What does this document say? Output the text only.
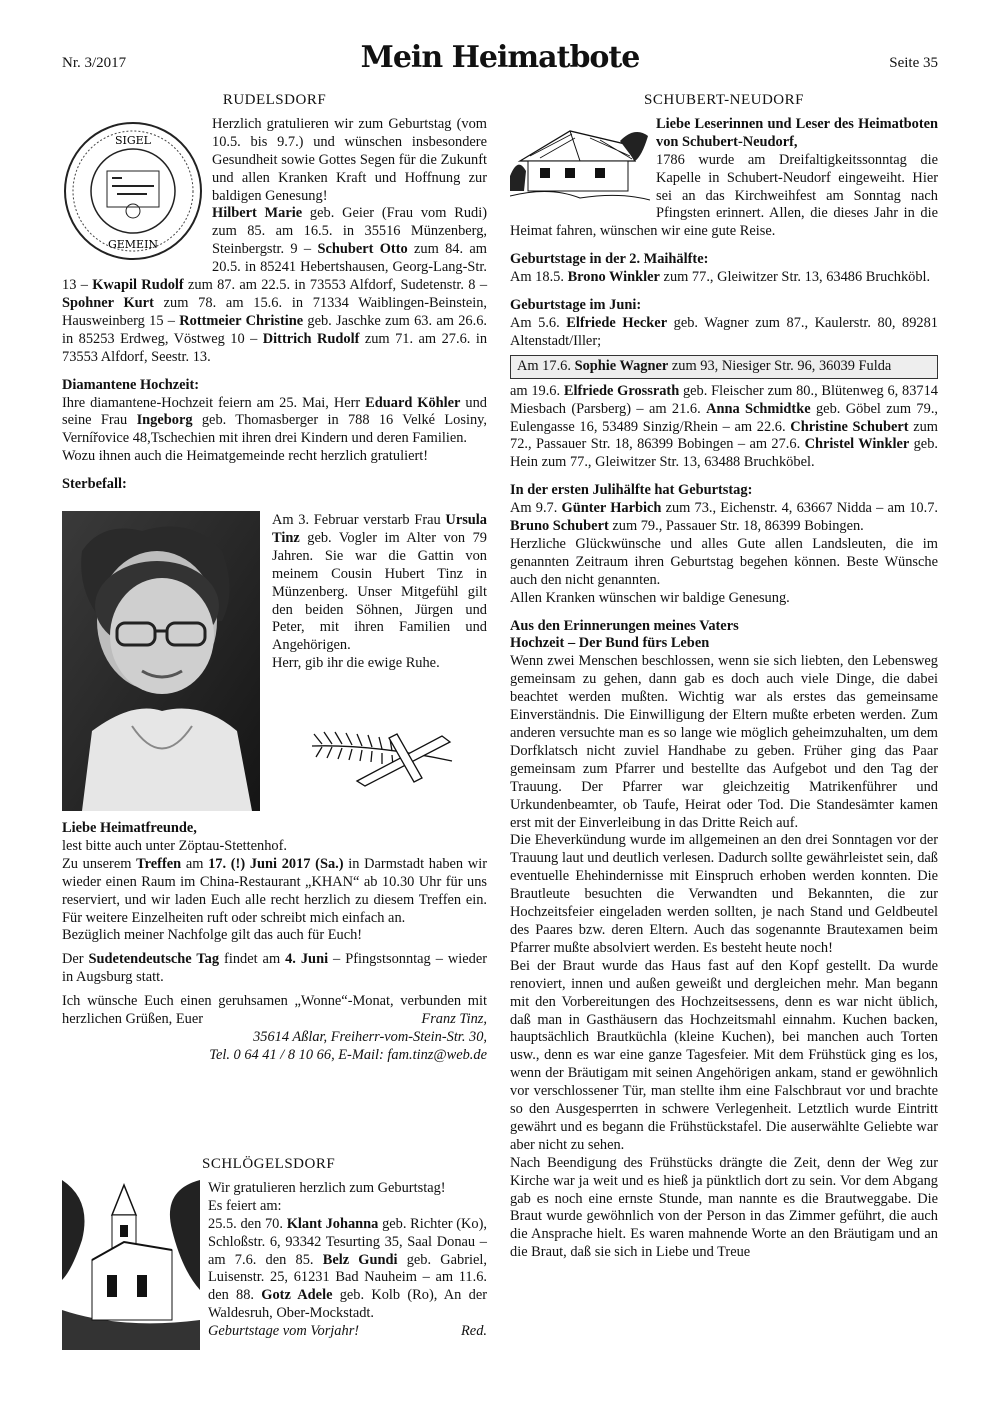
Nr. 3/2017	Mein Heimatbote	Seite 35
RUDELSDORF
SIGEL
GEMEIN

Herzlich gratulieren wir zum Geburtstag (vom 10.5. bis 9.7.) und wünschen insbesondere Gesundheit sowie Gottes Segen für die Zukunft und allen Kranken Kraft und Hoffnung zur baldigen Genesung!

Hilbert Marie geb. Geier (Frau vom Rudi) zum 85. am 16.5. in 35516 Münzenberg, Steinbergstr. 9 – Schubert Otto zum 84. am 20.5. in 85241 Hebertshausen, Georg-Lang-Str. 13 – Kwapil Rudolf zum 87. am 22.5. in 73553 Alfdorf, Sudetenstr. 8 – Spohner Kurt zum 78. am 15.6. in 71334 Waiblingen-Beinstein, Hausweinberg 15 – Rottmeier Christine geb. Jaschke zum 63. am 26.6. in 85253 Erdweg, Vöstweg 10 – Dittrich Rudolf zum 71. am 27.6. in 73553 Alfdorf, Seestr. 13.

Diamantene Hochzeit:

Ihre diamantene-Hochzeit feiern am 25. Mai, Herr Eduard Köhler und seine Frau Ingeborg geb. Thomasberger in 788 16 Velké Losiny, Vernířovice 48,Tschechien mit ihren drei Kindern und deren Familien.

Wozu ihnen auch die Heimatgemeinde recht herzlich gratuliert!

Sterbefall:

Am 3. Februar verstarb Frau Ursula Tinz geb. Vogler im Alter von 79 Jahren. Sie war die Gattin von meinem Cousin Hubert Tinz in Münzenberg. Unser Mitgefühl gilt den beiden Söhnen, Jürgen und Peter, mit ihren Familien und Angehörigen.

Herr, gib ihr die ewige Ruhe.

Liebe Heimatfreunde,

lest bitte auch unter Zöptau-Stettenhof.

Zu unserem Treffen am 17. (!) Juni 2017 (Sa.) in Darmstadt haben wir wieder einen Raum im China-Restaurant „KHAN“ ab 10.30 Uhr für uns reserviert, und wir laden Euch alle recht herzlich zu diesem Treffen ein. Für weitere Einzelheiten ruft oder schreibt mich einfach an.

Bezüglich meiner Nachfolge gilt das auch für Euch!

Der Sudetendeutsche Tag findet am 4. Juni – Pfingstsonntag – wieder in Augsburg statt.

Ich wünsche Euch einen geruhsamen „Wonne“-Monat, verbunden mit herzlichen Grüßen, Euer	Franz Tinz,

35614 Aßlar, Freiherr-vom-Stein-Str. 30,

Tel. 0 64 41 / 8 10 66, E-Mail: fam.tinz@web.de

SCHLÖGELSDORF

Wir gratulieren herzlich zum Geburtstag!

Es feiert am:

25.5. den 70. Klant Johanna geb. Richter (Ko), Schloßstr. 6, 93342 Tesurting 35, Saal Donau – am 7.6. den 85. Belz Gundi geb. Gabriel, Luisenstr. 25, 61231 Bad Nauheim – am 11.6. den 88. Gotz Adele geb. Kolb (Ro), An der Waldesruh, Ober-Mockstadt.

Geburtstage vom Vorjahr!	Red.
SCHUBERT-NEUDORF

Liebe Leserinnen und Leser des Heimatboten von Schubert-Neudorf,

1786 wurde am Dreifaltigkeitssonntag die Kapelle in Schubert-Neudorf eingeweiht. Hier sei an das Kirchweihfest am Sonntag nach Pfingsten erinnert. Allen, die dieses Jahr in die Heimat fahren, wünschen wir eine gute Reise.

Geburtstage in der 2. Maihälfte:

Am 18.5. Brono Winkler zum 77., Gleiwitzer Str. 13, 63486 Bruchköbl.

Geburtstage im Juni:

Am 5.6. Elfriede Hecker geb. Wagner zum 87., Kaulerstr. 80, 89281 Altenstadt/Iller;

Am 17.6. Sophie Wagner zum 93, Niesiger Str. 96, 36039 Fulda

am 19.6. Elfriede Grossrath geb. Fleischer zum 80., Blütenweg 6, 83714 Miesbach (Parsberg) – am 21.6. Anna Schmidtke geb. Göbel zum 79., Eulengasse 16, 53489 Sinzig/Rhein – am 22.6. Christine Schubert zum 72., Passauer Str. 18, 86399 Bobingen – am 27.6. Christel Winkler geb. Hein zum 77., Gleiwitzer Str. 13, 63488 Bruchköbel.

In der ersten Julihälfte hat Geburtstag:

Am 9.7. Günter Harbich zum 73., Eichenstr. 4, 63667 Nidda – am 10.7. Bruno Schubert zum 79., Passauer Str. 18, 86399 Bobingen.

Herzliche Glückwünsche und alles Gute allen Landsleuten, die im genannten Zeitraum ihren Geburtstag begehen können. Beste Wünsche auch den nicht genannten.

Allen Kranken wünschen wir baldige Genesung.

Aus den Erinnerungen meines Vaters

Hochzeit – Der Bund fürs Leben

Wenn zwei Menschen beschlossen, wenn sie sich liebten, den Lebensweg gemeinsam zu gehen, dann gab es doch auch viele Dinge, die dabei beachtet werden mußten. Wichtig war als erstes das gemeinsame Einverständnis. Die Einwilligung der Eltern mußte erbeten werden. Zum anderen versuchte man es so lange wie möglich geheimzuhalten, um dem Dorfklatsch nicht zuviel Handhabe zu geben. Früher ging das Paar gemeinsam zum Pfarrer und bestellte das Aufgebot und den Tag der Trauung. Der Pfarrer war gleichzeitig Matrikenführer und Urkundenbeamter, ob Taufe, Heirat oder Tod. Die Standesämter kamen erst mit der Einverleibung in das Dritte Reich auf.

Die Eheverkündung wurde im allgemeinen an den drei Sonntagen vor der Trauung laut und deutlich verlesen. Dadurch sollte gewährleistet sein, daß eventuelle Ehehindernisse mit Einspruch erhoben werden konnten. Die Brautleute besuchten die Verwandten und Bekannten, die zur Hochzeitsfeier eingeladen werden sollten, je nach Stand und Geldbeutel des Paares bzw. deren Eltern. Auch das sogenannte Brautexamen beim Pfarrer mußte absolviert werden. Es besteht heute noch!

Bei der Braut wurde das Haus fast auf den Kopf gestellt. Da wurde renoviert, innen und außen geweißt und dergleichen mehr. Man begann mit den Vorbereitungen des Hochzeitsessens, denn es war nicht üblich, daß man in Gasthäusern das Hochzeitsmahl einnahm. Kuchen backen, hauptsächlich Brautküchla (kleine Kuchen), bei manchen auch Torten usw., denn es war eine ganze Tagesfeier. Mit dem Frühstück ging es los, wenn der Bräutigam mit seinen Angehörigen ankam, stand er gewöhnlich vor verschlossener Tür, man stellte ihm eine Falschbraut vor und brachte so den Ausgesperrten in schwere Verlegenheit. Letztlich wurde Eintritt gewährt und es begann die Frühstückstafel. Die auserwählte Geliebte war aber nicht zu sehen.

Nach Beendigung des Frühstücks drängte die Zeit, denn der Weg zur Kirche war ja weit und es hieß ja pünktlich dort zu sein. Vor dem Abgang gab es noch eine ernste Stunde, man nannte es die Brautweggabe. Die Braut wurde gewöhnlich von der Person in das Zimmer geführt, die auch die Ansprache hielt. Es waren mahnende Worte an den Bräutigam und an die Braut, daß sie sich in Liebe und Treue
